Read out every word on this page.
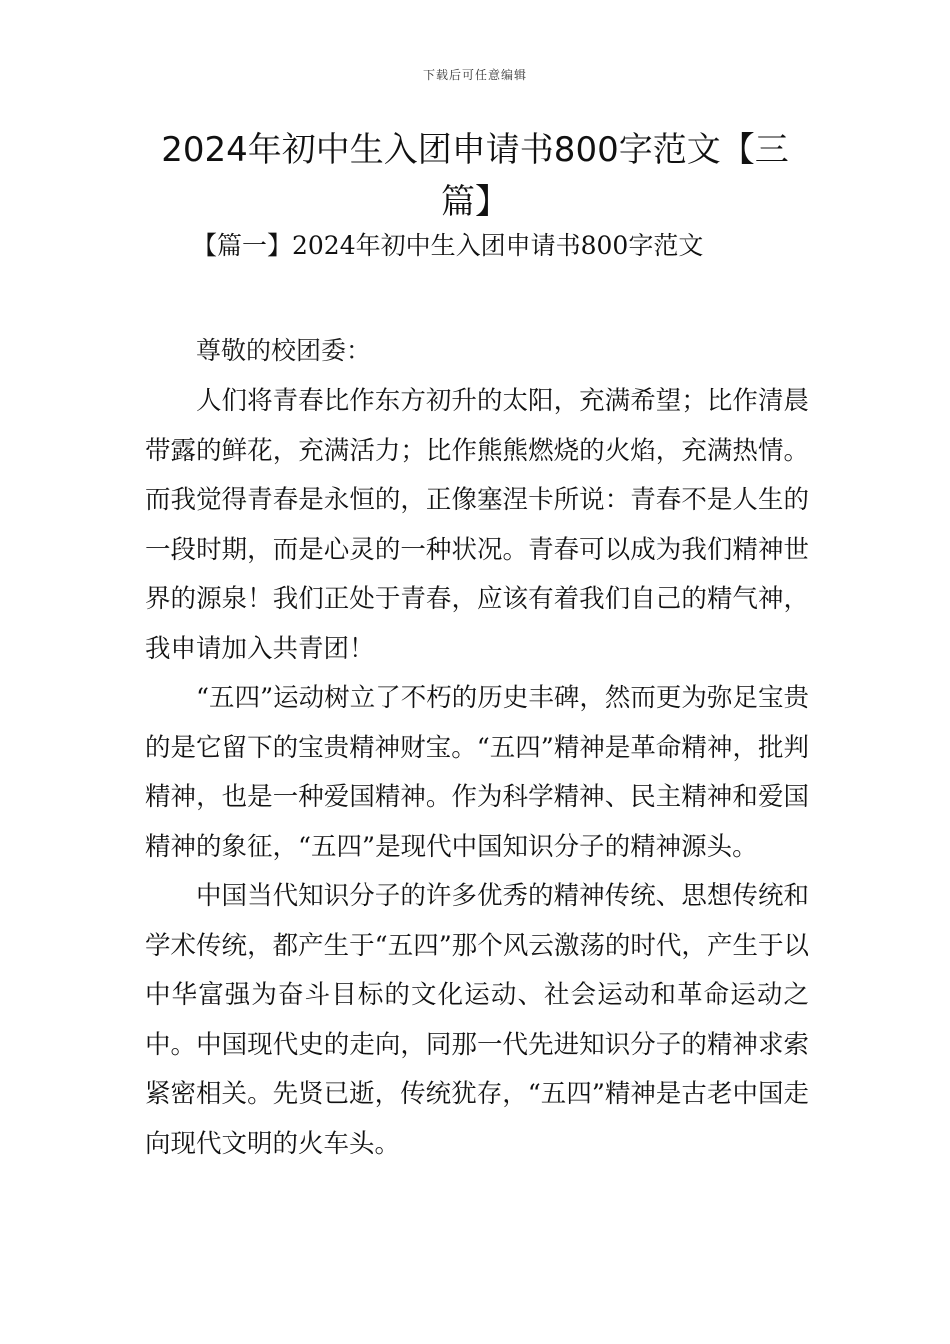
下载后可任意编辑
2024年初中生入团申请书800字范文【三篇】
【篇一】2024年初中生入团申请书800字范文
尊敬的校团委：

人们将青春比作东方初升的太阳，充满希望；比作清晨带露的鲜花，充满活力；比作熊熊燃烧的火焰，充满热情。而我觉得青春是永恒的，正像塞涅卡所说：青春不是人生的一段时期，而是心灵的一种状况。青春可以成为我们精神世界的源泉！我们正处于青春，应该有着我们自己的精气神，我申请加入共青团！

“五四”运动树立了不朽的历史丰碑，然而更为弥足宝贵的是它留下的宝贵精神财宝。“五四”精神是革命精神，批判精神，也是一种爱国精神。作为科学精神、民主精神和爱国精神的象征，“五四”是现代中国知识分子的精神源头。

中国当代知识分子的许多优秀的精神传统、思想传统和学术传统，都产生于“五四”那个风云激荡的时代，产生于以中华富强为奋斗目标的文化运动、社会运动和革命运动之中。中国现代史的走向，同那一代先进知识分子的精神求索紧密相关。先贤已逝，传统犹存，“五四”精神是古老中国走向现代文明的火车头。
